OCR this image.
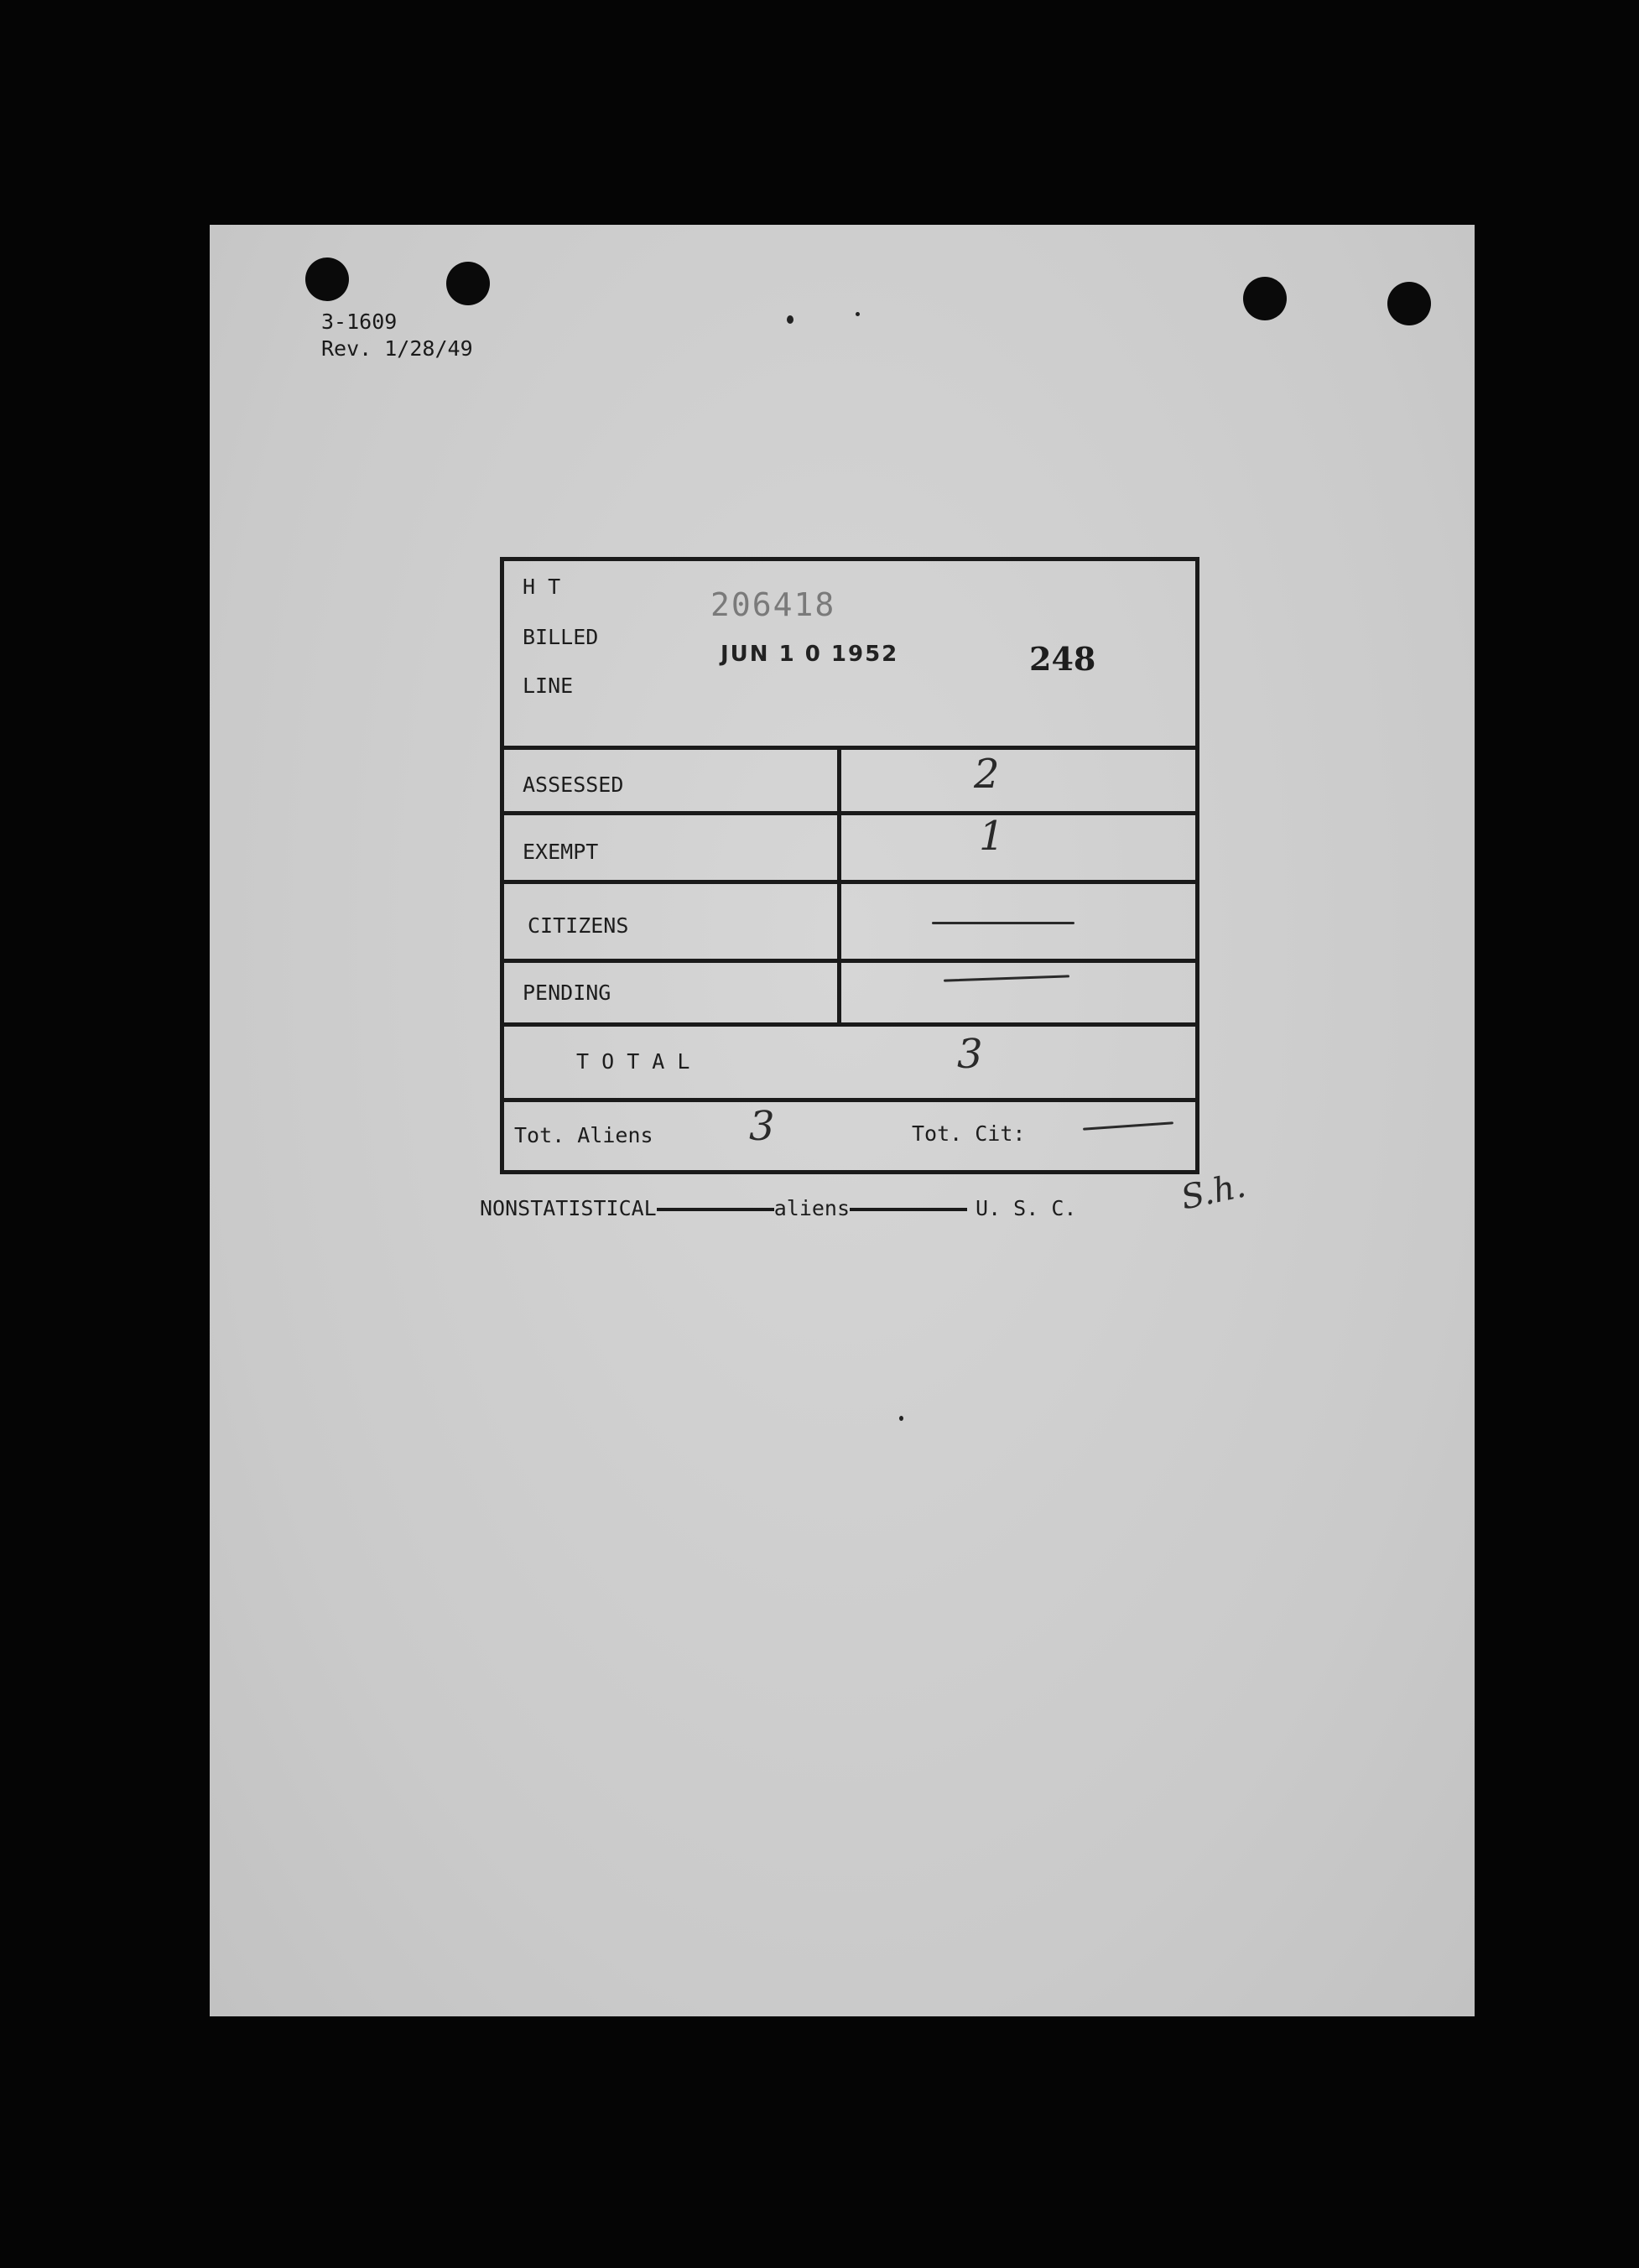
3-1609
Rev. 1/28/49
H T
BILLED
LINE
206418
JUN 1 0 1952	248
ASSESSED	2
EXEMPT	1
CITIZENS
PENDING
T O T A L	3
Tot. Aliens 3	Tot. Cit:
NONSTATISTICAL	aliens	U. S. C.	S.h.
